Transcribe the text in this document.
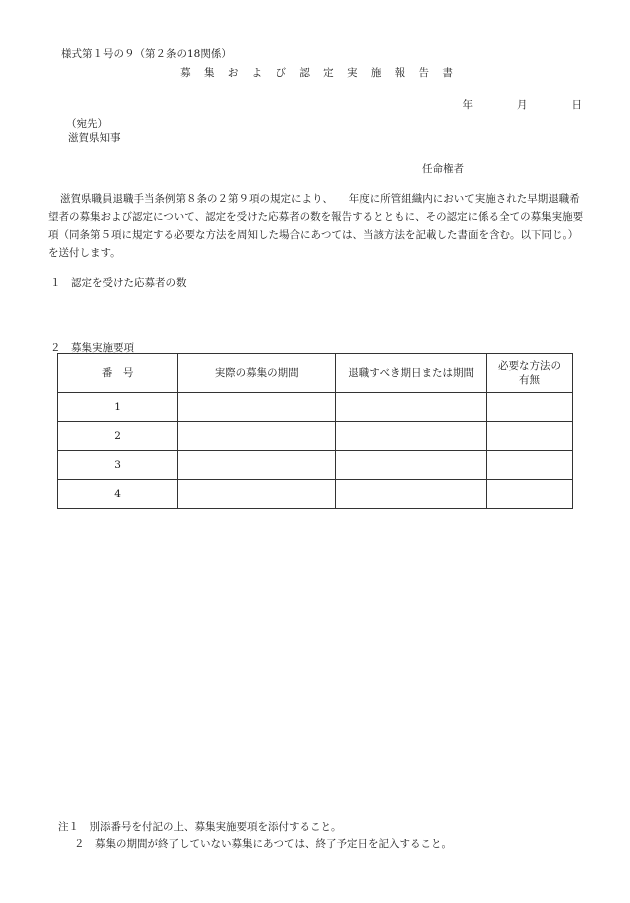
様式第１号の９（第２条の18関係）
募 集 お よ び 認 定 実 施 報 告 書
年	月	日
（宛先）
滋賀県知事
任命権者
滋賀県職員退職手当条例第８条の２第９項の規定により、　　年度に所管組織内において実施された早期退職希望者の募集および認定について、認定を受けた応募者の数を報告するとともに、その認定に係る全ての募集実施要項（同条第５項に規定する必要な方法を周知した場合にあつては、当該方法を記載した書面を含む。以下同じ。）を送付します。
１　認定を受けた応募者の数
２　募集実施要項
番　号	実際の募集の期間	退職すべき期日または期間	必要な方法の有無

1			
2			
3			
4			
注１　別添番号を付記の上、募集実施要項を添付すること。
２　募集の期間が終了していない募集にあつては、終了予定日を記入すること。
